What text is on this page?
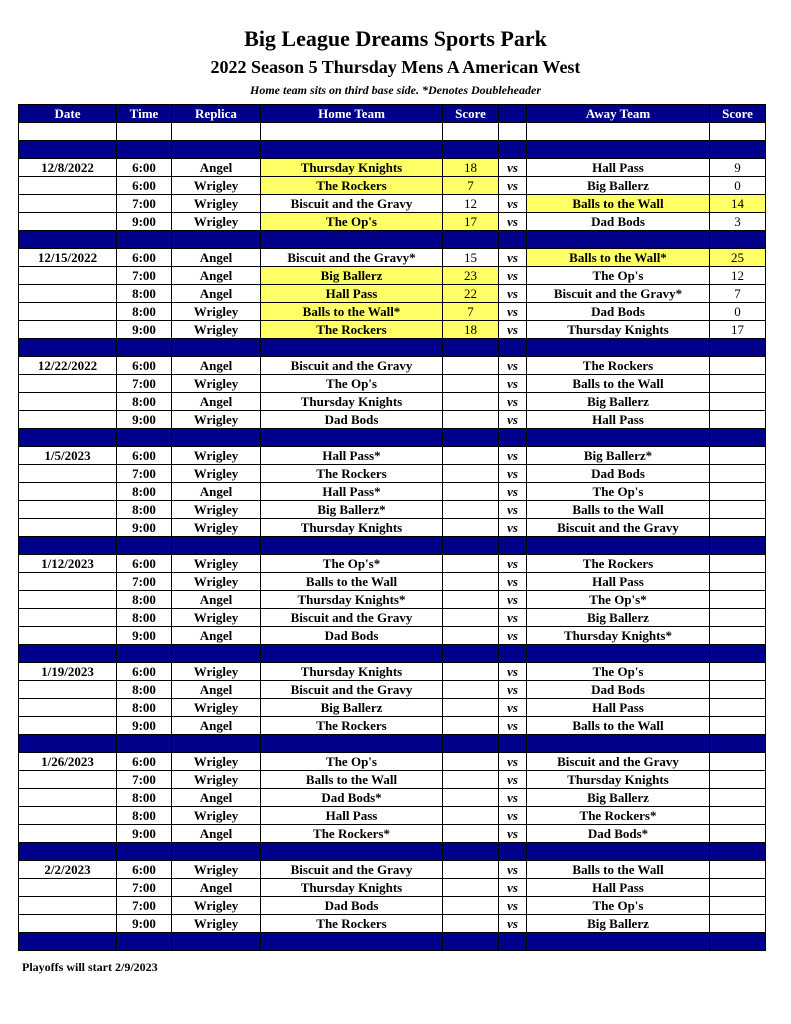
Big League Dreams Sports Park
2022 Season 5 Thursday Mens A American West
Home team sits on third base side. *Denotes Doubleheader
Date	Time	Replica	Home Team	Score		Away Team	Score

12/8/2022	6:00	Angel	Thursday Knights	18	vs	Hall Pass	9
	6:00	Wrigley	The Rockers	7	vs	Big Ballerz	0
	7:00	Wrigley	Biscuit and the Gravy	12	vs	Balls to the Wall	14
	9:00	Wrigley	The Op's	17	vs	Dad Bods	3

12/15/2022	6:00	Angel	Biscuit and the Gravy*	15	vs	Balls to the Wall*	25
	7:00	Angel	Big Ballerz	23	vs	The Op's	12
	8:00	Angel	Hall Pass	22	vs	Biscuit and the Gravy*	7
	8:00	Wrigley	Balls to the Wall*	7	vs	Dad Bods	0
	9:00	Wrigley	The Rockers	18	vs	Thursday Knights	17

12/22/2022	6:00	Angel	Biscuit and the Gravy		vs	The Rockers	
	7:00	Wrigley	The Op's		vs	Balls to the Wall	
	8:00	Angel	Thursday Knights		vs	Big Ballerz	
	9:00	Wrigley	Dad Bods		vs	Hall Pass	

1/5/2023	6:00	Wrigley	Hall Pass*		vs	Big Ballerz*	
	7:00	Wrigley	The Rockers		vs	Dad Bods	
	8:00	Angel	Hall Pass*		vs	The Op's	
	8:00	Wrigley	Big Ballerz*		vs	Balls to the Wall	
	9:00	Wrigley	Thursday Knights		vs	Biscuit and the Gravy	

1/12/2023	6:00	Wrigley	The Op's*		vs	The Rockers	
	7:00	Wrigley	Balls to the Wall		vs	Hall Pass	
	8:00	Angel	Thursday Knights*		vs	The Op's*	
	8:00	Wrigley	Biscuit and the Gravy		vs	Big Ballerz	
	9:00	Angel	Dad Bods		vs	Thursday Knights*	

1/19/2023	6:00	Wrigley	Thursday Knights		vs	The Op's	
	8:00	Angel	Biscuit and the Gravy		vs	Dad Bods	
	8:00	Wrigley	Big Ballerz		vs	Hall Pass	
	9:00	Angel	The Rockers		vs	Balls to the Wall	

1/26/2023	6:00	Wrigley	The Op's		vs	Biscuit and the Gravy	
	7:00	Wrigley	Balls to the Wall		vs	Thursday Knights	
	8:00	Angel	Dad Bods*		vs	Big Ballerz	
	8:00	Wrigley	Hall Pass		vs	The Rockers*	
	9:00	Angel	The Rockers*		vs	Dad Bods*	

2/2/2023	6:00	Wrigley	Biscuit and the Gravy		vs	Balls to the Wall	
	7:00	Angel	Thursday Knights		vs	Hall Pass	
	7:00	Wrigley	Dad Bods		vs	The Op's	
	9:00	Wrigley	The Rockers		vs	Big Ballerz	

Playoffs will start 2/9/2023
